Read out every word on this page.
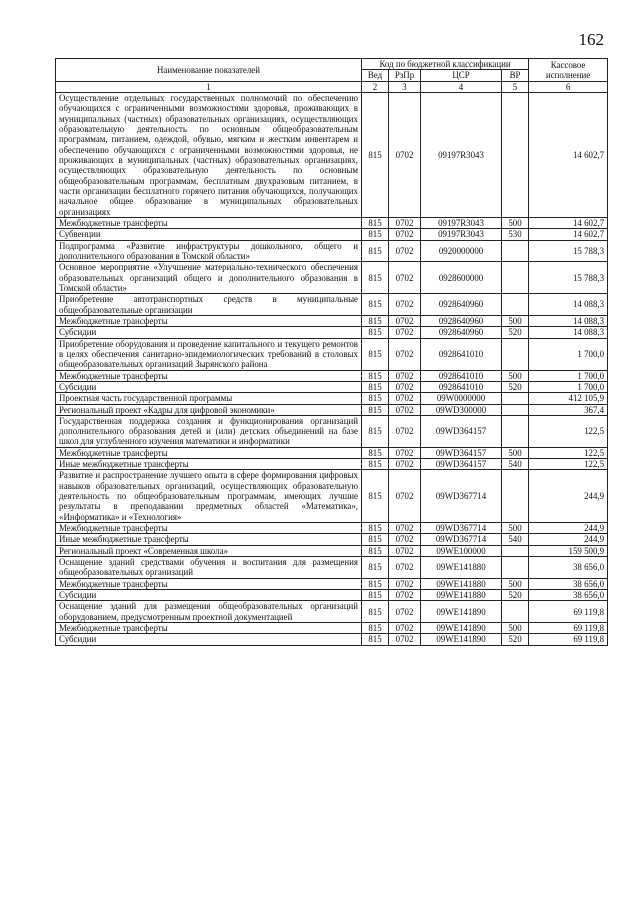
162
Наименование показателей	Код по бюджетной классификации				Кассовое исполнение
	Вед	РзПр	ЦСР	ВР	
1	2	3	4	5	6
Осуществление отдельных государственных полномочий по обеспечению обучающихся с ограниченными возможностями здоровья, проживающих в муниципальных (частных) образовательных организациях, осуществляющих образовательную деятельность по основным общеобразовательным программам, питанием, одеждой, обувью, мягким и жестким инвентарем и обеспечению обучающихся с ограниченными возможностями здоровья, не проживающих в муниципальных (частных) образовательных организациях, осуществляющих образовательную деятельность по основным общеобразовательным программам, бесплатным двухразовым питанием, в части организации бесплатного горячего питания обучающихся, получающих начальное общее образование в муниципальных образовательных организациях	815	0702	09197R3043		14 602,7
Межбюджетные трансферты	815	0702	09197R3043	500	14 602,7
Субвенции	815	0702	09197R3043	530	14 602,7
Подпрограмма «Развитие инфраструктуры дошкольного, общего и дополнительного образования в Томской области»	815	0702	0920000000		15 788,3
Основное мероприятие «Улучшение материально-технического обеспечения образовательных организаций общего и дополнительного образования в Томской области»	815	0702	0928600000		15 788,3
Приобретение автотранспортных средств в муниципальные общеобразовательные организации	815	0702	0928640960		14 088,3
Межбюджетные трансферты	815	0702	0928640960	500	14 088,3
Субсидии	815	0702	0928640960	520	14 088,3
Приобретение оборудования и проведение капитального и текущего ремонтов в целях обеспечения санитарно-эпидемиологических требований в столовых общеобразовательных организаций Зырянского района	815	0702	0928641010		1 700,0
Межбюджетные трансферты	815	0702	0928641010	500	1 700,0
Субсидии	815	0702	0928641010	520	1 700,0
Проектная часть государственной программы	815	0702	09W0000000		412 105,9
Региональный проект «Кадры для цифровой экономики»	815	0702	09WD300000		367,4
Государственная поддержка создания и функционирования организаций дополнительного образования детей и (или) детских объединений на базе школ для углубленного изучения математики и информатики	815	0702	09WD364157		122,5
Межбюджетные трансферты	815	0702	09WD364157	500	122,5
Иные межбюджетные трансферты	815	0702	09WD364157	540	122,5
Развитие и распространение лучшего опыта в сфере формирования цифровых навыков образовательных организаций, осуществляющих образовательную деятельность по общеобразовательным программам, имеющих лучшие результаты в преподавании предметных областей «Математика», «Информатика» и «Технология»	815	0702	09WD367714		244,9
Межбюджетные трансферты	815	0702	09WD367714	500	244,9
Иные межбюджетные трансферты	815	0702	09WD367714	540	244,9
Региональный проект «Современная школа»	815	0702	09WE100000		159 500,9
Оснащение зданий средствами обучения и воспитания для размещения общеобразовательных организаций	815	0702	09WE141880		38 656,0
Межбюджетные трансферты	815	0702	09WE141880	500	38 656,0
Субсидии	815	0702	09WE141880	520	38 656,0
Оснащение зданий для размещения общеобразовательных организаций оборудованием, предусмотренным проектной документацией	815	0702	09WE141890		69 119,8
Межбюджетные трансферты	815	0702	09WE141890	500	69 119,8
Субсидии	815	0702	09WE141890	520	69 119,8
